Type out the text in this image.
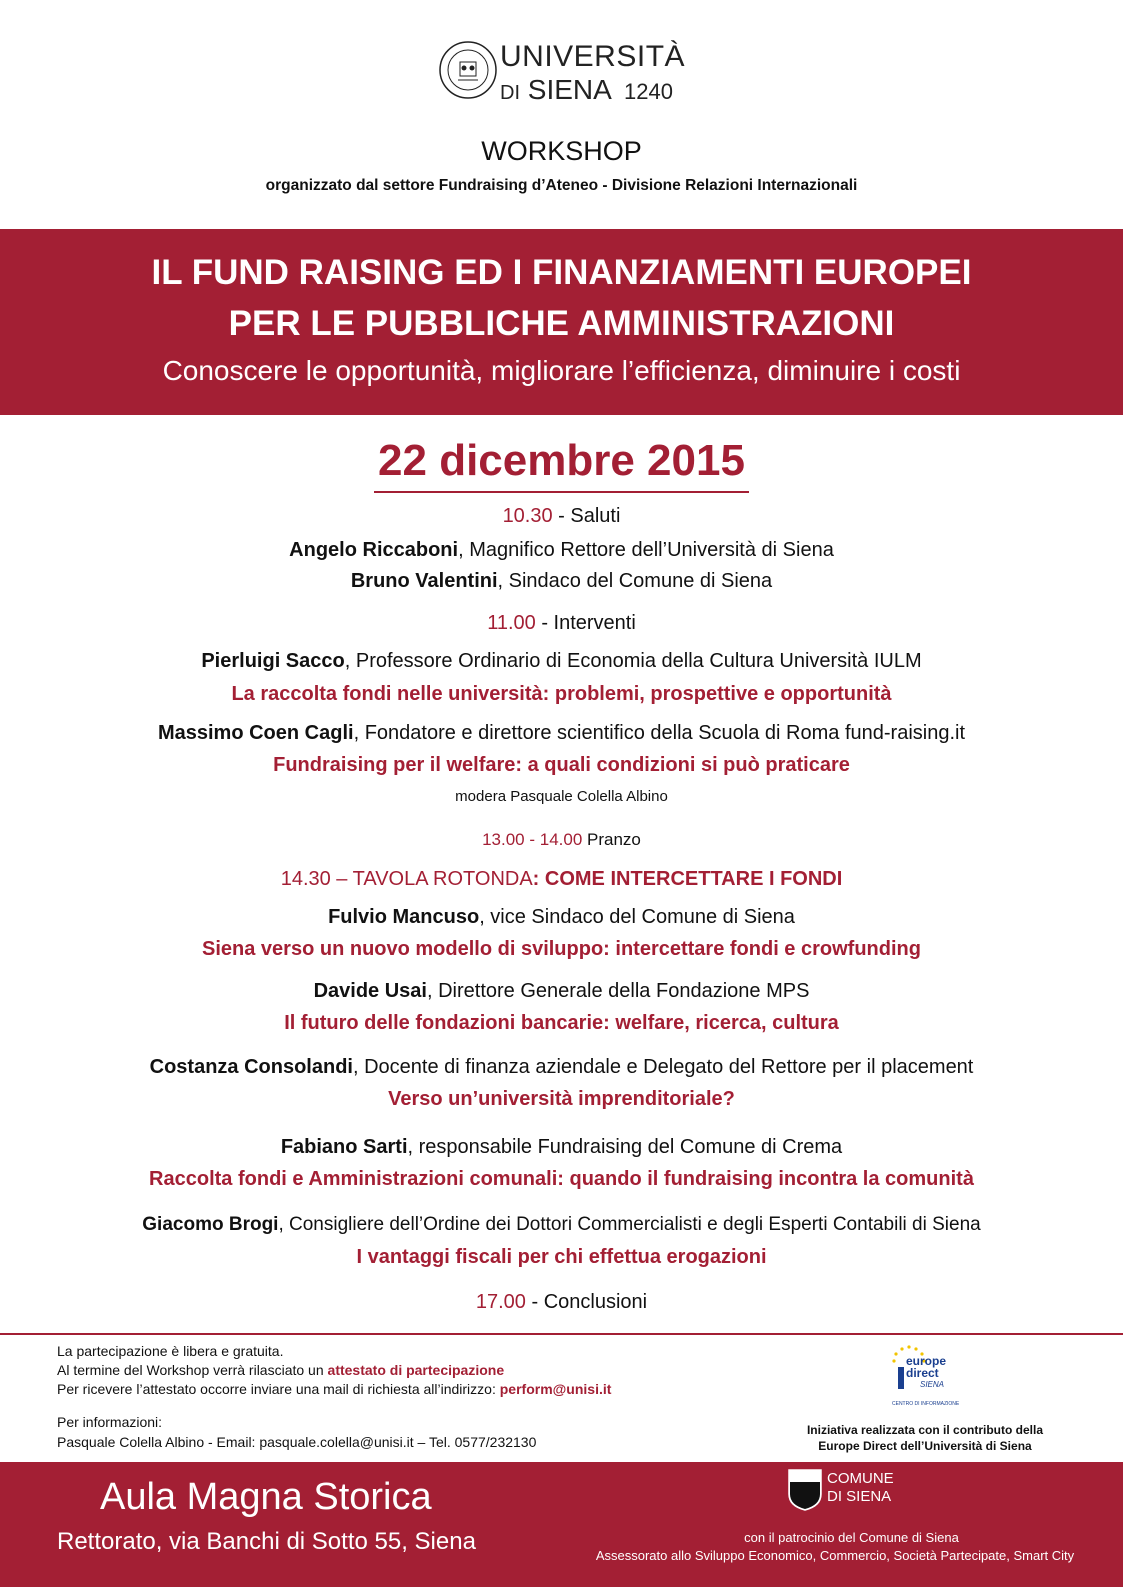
UNIVERSITÀ
DI SIENA 1240
WORKSHOP
organizzato dal settore Fundraising d’Ateneo - Divisione Relazioni Internazionali
IL FUND RAISING ED I FINANZIAMENTI EUROPEI
PER LE PUBBLICHE AMMINISTRAZIONI
Conoscere le opportunità, migliorare l’efficienza, diminuire i costi
22 dicembre 2015
10.30 - Saluti
Angelo Riccaboni, Magnifico Rettore dell’Università di Siena
Bruno Valentini, Sindaco del Comune di Siena
11.00 - Interventi
Pierluigi Sacco, Professore Ordinario di Economia della Cultura Università IULM
La raccolta fondi nelle università: problemi, prospettive e opportunità
Massimo Coen Cagli, Fondatore e direttore scientifico della Scuola di Roma fund-raising.it
Fundraising per il welfare: a quali condizioni si può praticare
modera Pasquale Colella Albino
13.00 - 14.00 Pranzo
14.30 – TAVOLA ROTONDA: COME INTERCETTARE I FONDI
Fulvio Mancuso, vice Sindaco del Comune di Siena
Siena verso un nuovo modello di sviluppo: intercettare fondi e crowfunding
Davide Usai, Direttore Generale della Fondazione MPS
Il futuro delle fondazioni bancarie: welfare, ricerca, cultura
Costanza Consolandi, Docente di finanza aziendale e Delegato del Rettore per il placement
Verso un’università imprenditoriale?
Fabiano Sarti, responsabile Fundraising del Comune di Crema
Raccolta fondi e Amministrazioni comunali: quando il fundraising incontra la comunità
Giacomo Brogi, Consigliere dell’Ordine dei Dottori Commercialisti e degli Esperti Contabili di Siena
I vantaggi fiscali per chi effettua erogazioni
17.00 - Conclusioni
La partecipazione è libera e gratuita.
Al termine del Workshop verrà rilasciato un attestato di partecipazione
Per ricevere l’attestato occorre inviare una mail di richiesta all’indirizzo: perform@unisi.it
Per informazioni:
Pasquale Colella Albino - Email: pasquale.colella@unisi.it – Tel. 0577/232130
europe
direct
SIENA
CENTRO DI INFORMAZIONE
Iniziativa realizzata con il contributo della
Europe Direct dell’Università di Siena
Aula Magna Storica
Rettorato, via Banchi di Sotto 55, Siena
COMUNE
DI SIENA
con il patrocinio del Comune di Siena
Assessorato allo Sviluppo Economico, Commercio, Società Partecipate, Smart City
